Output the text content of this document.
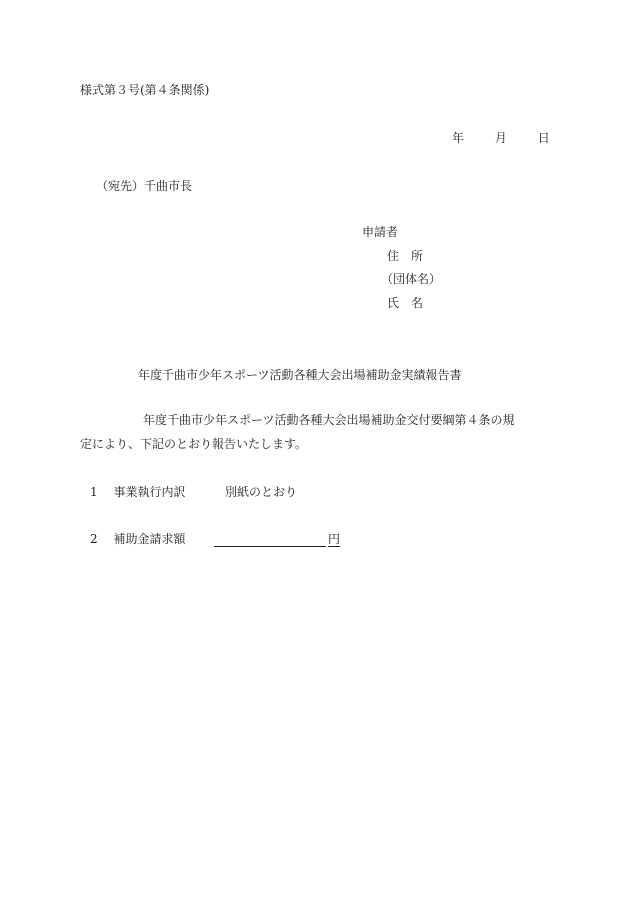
様式第３号(第４条関係)
年	月	日
（宛先）千曲市長
申請者
住　所
（団体名）
氏　名
年度千曲市少年スポーツ活動各種大会出場補助金実績報告書
年度千曲市少年スポーツ活動各種大会出場補助金交付要綱第４条の規
定により、下記のとおり報告いたします。
1 事業執行内訳	別紙のとおり
2 補助金請求額	円
